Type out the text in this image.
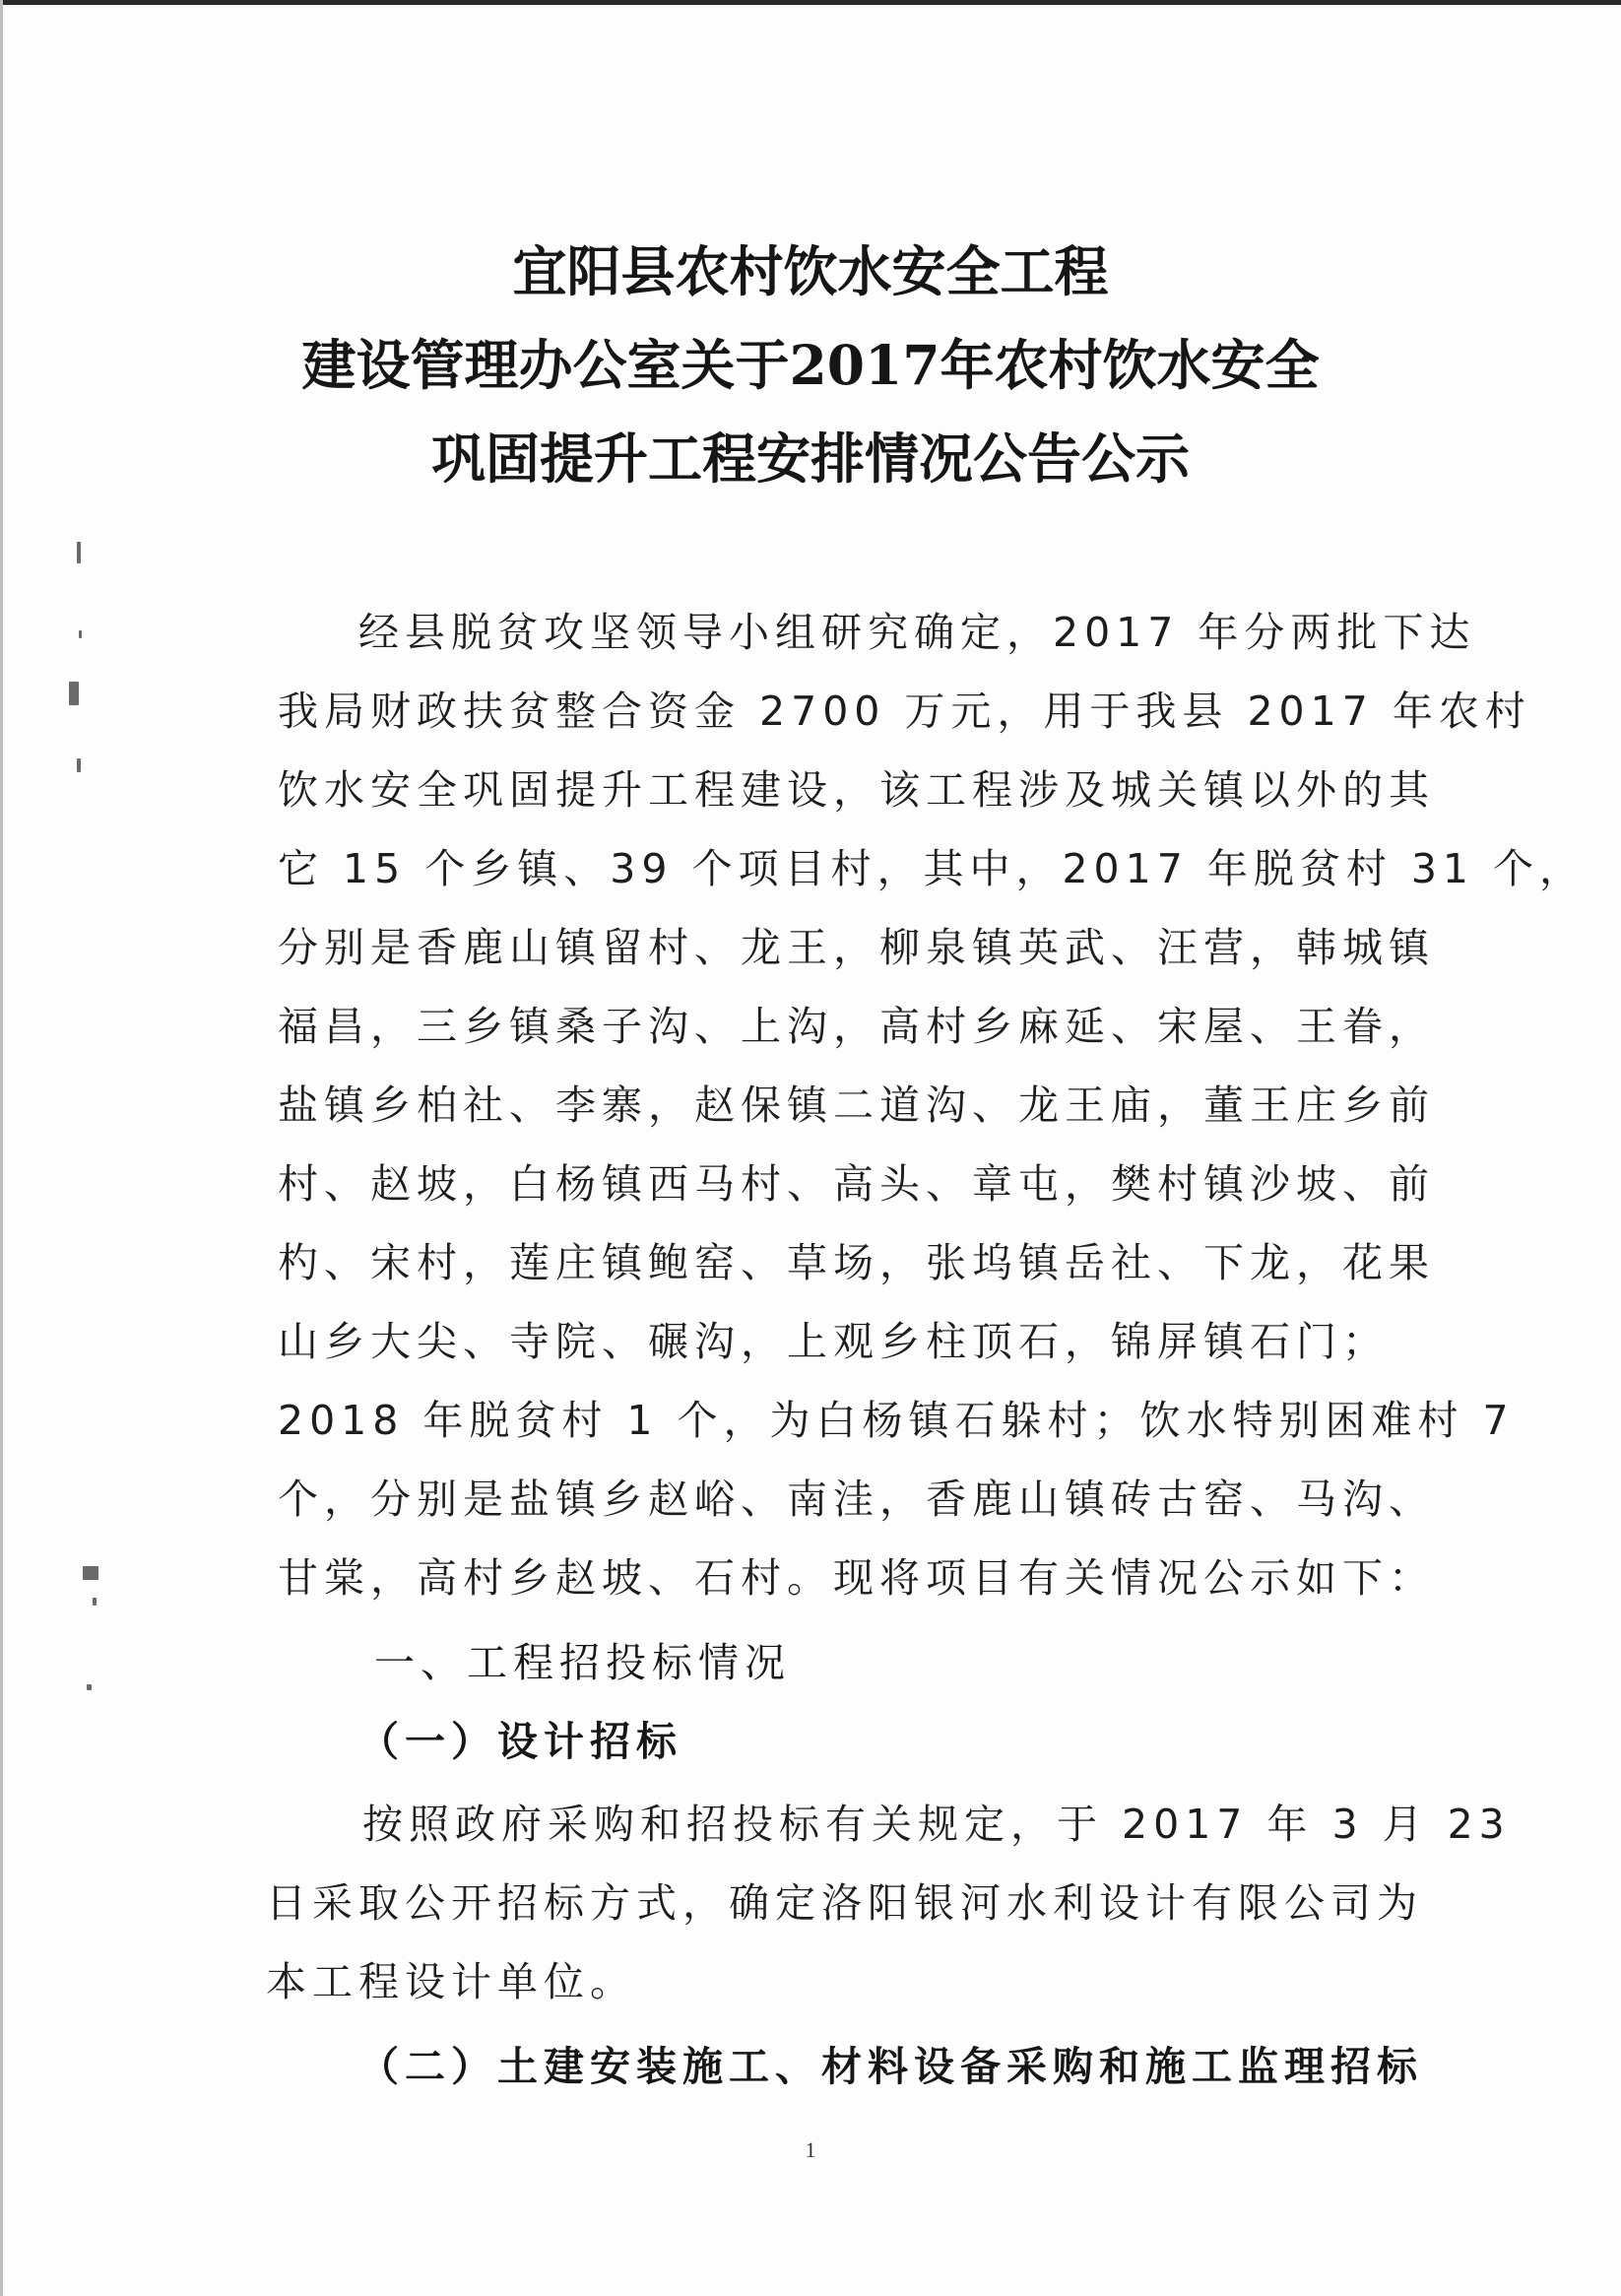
宜阳县农村饮水安全工程
建设管理办公室关于2017年农村饮水安全
巩固提升工程安排情况公告公示
经县脱贫攻坚领导小组研究确定，2017 年分两批下达
我局财政扶贫整合资金 2700 万元，用于我县 2017 年农村
饮水安全巩固提升工程建设，该工程涉及城关镇以外的其
它 15 个乡镇、39 个项目村，其中，2017 年脱贫村 31 个，
分别是香鹿山镇留村、龙王，柳泉镇英武、汪营，韩城镇
福昌，三乡镇桑子沟、上沟，高村乡麻延、宋屋、王眷，
盐镇乡柏社、李寨，赵保镇二道沟、龙王庙，董王庄乡前
村、赵坡，白杨镇西马村、高头、章屯，樊村镇沙坡、前
杓、宋村，莲庄镇鲍窑、草场，张坞镇岳社、下龙，花果
山乡大尖、寺院、碾沟，上观乡柱顶石，锦屏镇石门；
2018 年脱贫村 1 个，为白杨镇石躲村；饮水特别困难村 7
个，分别是盐镇乡赵峪、南洼，香鹿山镇砖古窑、马沟、
甘棠，高村乡赵坡、石村。现将项目有关情况公示如下：
一、工程招投标情况
（一）设计招标
按照政府采购和招投标有关规定，于 2017 年 3 月 23
日采取公开招标方式，确定洛阳银河水利设计有限公司为
本工程设计单位。
（二）土建安装施工、材料设备采购和施工监理招标
1
